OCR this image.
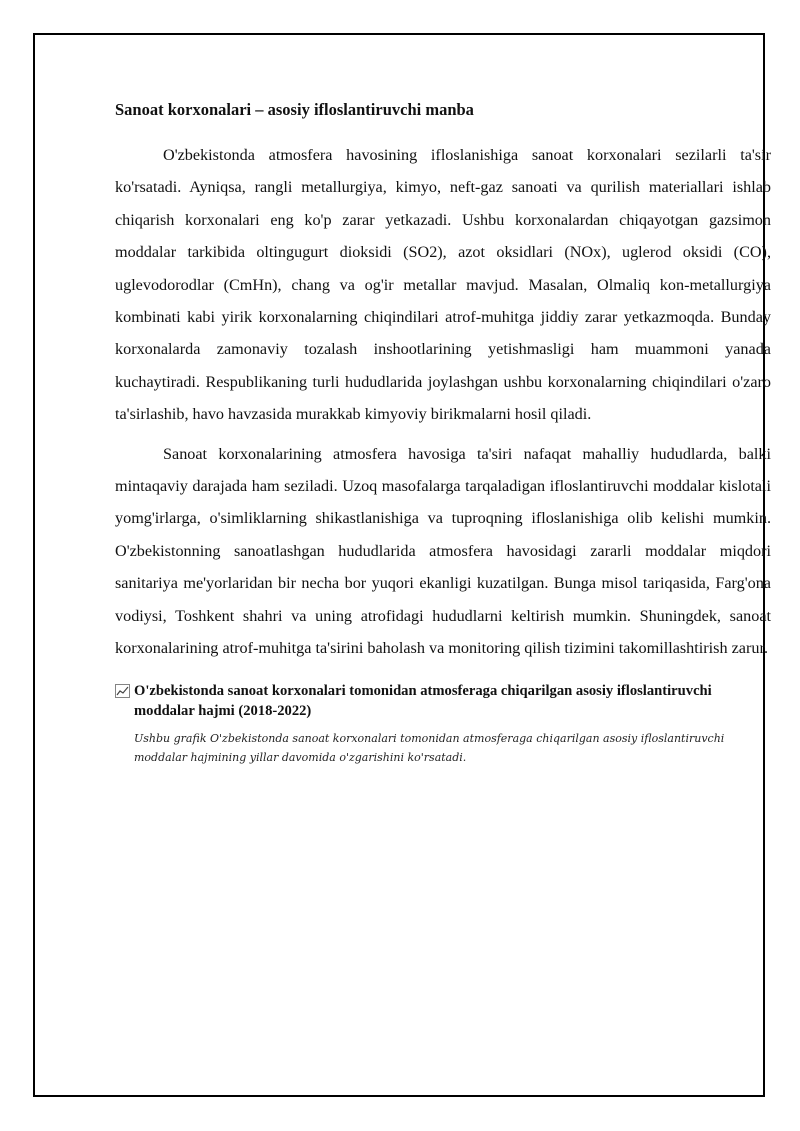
Sanoat korxonalari – asosiy ifloslantiruvchi manba

O'zbekistonda atmosfera havosining ifloslanishiga sanoat korxonalari sezilarli ta'sir ko'rsatadi. Ayniqsa, rangli metallurgiya, kimyo, neft-gaz sanoati va qurilish materiallari ishlab chiqarish korxonalari eng ko'p zarar yetkazadi. Ushbu korxonalardan chiqayotgan gazsimon moddalar tarkibida oltingugurt dioksidi (SO2), azot oksidlari (NOx), uglerod oksidi (CO), uglevodorodlar (CmHn), chang va og'ir metallar mavjud. Masalan, Olmaliq kon-metallurgiya kombinati kabi yirik korxonalarning chiqindilari atrof-muhitga jiddiy zarar yetkazmoqda. Bunday korxonalarda zamonaviy tozalash inshootlarining yetishmasligi ham muammoni yanada kuchaytiradi. Respublikaning turli hududlarida joylashgan ushbu korxonalarning chiqindilari o'zaro ta'sirlashib, havo havzasida murakkab kimyoviy birikmalarni hosil qiladi.

Sanoat korxonalarining atmosfera havosiga ta'siri nafaqat mahalliy hududlarda, balki mintaqaviy darajada ham seziladi. Uzoq masofalarga tarqaladigan ifloslantiruvchi moddalar kislotali yomg'irlarga, o'simliklarning shikastlanishiga va tuproqning ifloslanishiga olib kelishi mumkin. O'zbekistonning sanoatlashgan hududlarida atmosfera havosidagi zararli moddalar miqdori sanitariya me'yorlaridan bir necha bor yuqori ekanligi kuzatilgan. Bunga misol tariqasida, Farg'ona vodiysi, Toshkent shahri va uning atrofidagi hududlarni keltirish mumkin. Shuningdek, sanoat korxonalarining atrof-muhitga ta'sirini baholash va monitoring qilish tizimini takomillashtirish zarur.

O'zbekistonda sanoat korxonalari tomonidan atmosferaga chiqarilgan asosiy ifloslantiruvchi moddalar hajmi (2018-2022)

Ushbu grafik O'zbekistonda sanoat korxonalari tomonidan atmosferaga chiqarilgan asosiy ifloslantiruvchi moddalar hajmining yillar davomida o'zgarishini ko'rsatadi.
